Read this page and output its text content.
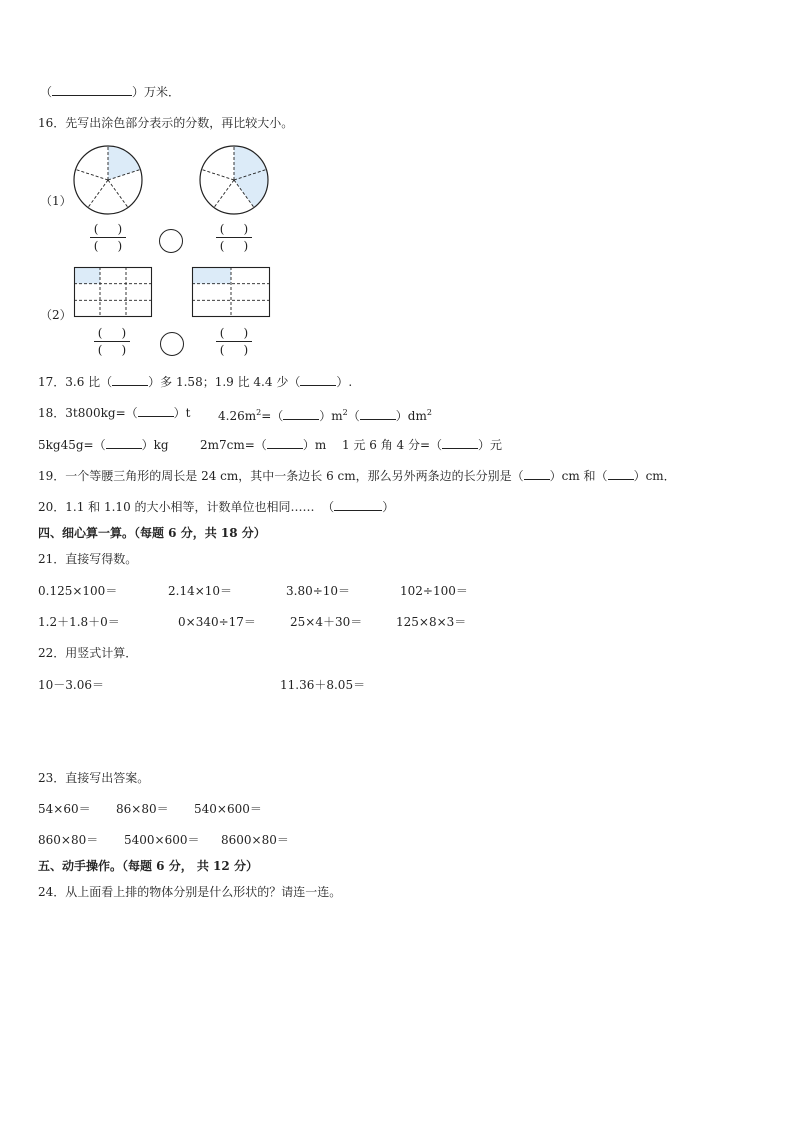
（	）万米．
16．先写出涂色部分表示的分数，再比较大小。
（1）
( )
( )
( )
( )
（2）
( )
( )
( )
( )
17．3.6 比（	）多 1.58；1.9 比 4.4 少（	）.
18．3t800kg=（	）t $4.26m^2=$（	）$m^2$（	）$dm^2$
5kg45g=（	）kg	2m7cm=（	）m 1 元 6 角 4 分=（	）元
19．一个等腰三角形的周长是 24 cm，其中一条边长 6 cm，那么另外两条边的长分别是（ ）cm 和（ ）cm．
20．1.1 和 1.10 的大小相等，计数单位也相同…… （	）
四、细心算一算。（每题 6 分，共 18 分）
21．直接写得数。
0.125×100＝	2.14×10＝	3.80÷10＝	102÷100＝
1.2＋1.8＋0＝	0×340÷17＝	25×4＋30＝	125×8×3＝
22．用竖式计算．
10－3.06＝	11.36＋8.05＝
23．直接写出答案。
54×60＝ 86×80＝ 540×600＝
860×80＝ 5400×600＝ 8600×80＝
五、动手操作。（每题 6 分， 共 12 分）
24．从上面看上排的物体分别是什么形状的？请连一连。
